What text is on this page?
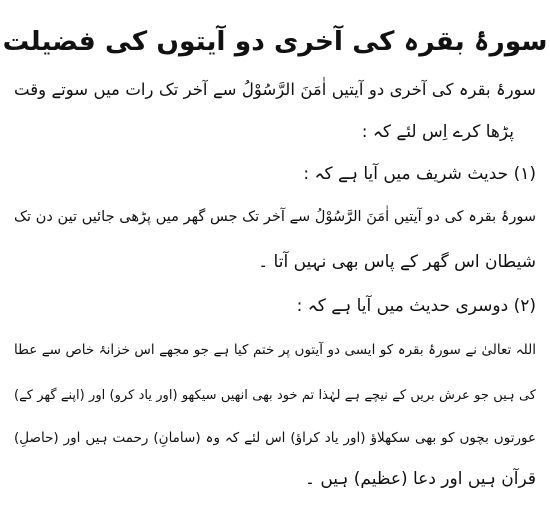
سورۂ بقرہ کی آخری دو آیتوں کی فضیلت
سورۂ بقرہ کی آخری دو آیتیں اٰمَنَ الرَّسُوْلُ سے آخر تک رات میں سوتے وقت
پڑھا کرے اِس لئے کہ :
(۱) حدیث شریف میں آیا ہے کہ :
سورۂ بقرہ کی دو آیتیں اٰمَنَ الرَّسُوْلُ سے آخر تک جس گھر میں پڑھی جائیں تین دن تک
شیطان اس گھر کے پاس بھی نہیں آتا ۔
(۲) دوسری حدیث میں آیا ہے کہ :
اللہ تعالیٰ نے سورۂ بقرہ کو ایسی دو آیتوں پر ختم کیا ہے جو مجھے اس خزانۂ خاص سے عطا
کی ہیں جو عرش بریں کے نیچے ہے لہٰذا تم خود بھی انھیں سیکھو (اور یاد کرو) اور (اپنے گھر کے)
عورتوں بچوں کو بھی سکھلاؤ (اور یاد کراؤ) اس لئے کہ وہ (سامانِ) رحمت ہیں اور (حاصلِ)
قرآن ہیں اور دعا (عظیم) ہیں ۔
